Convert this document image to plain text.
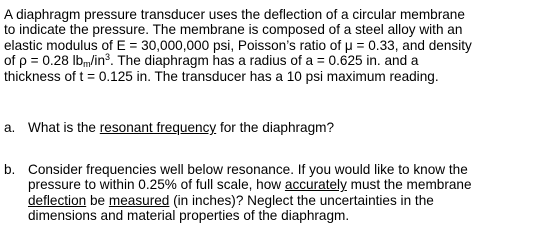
A diaphragm pressure transducer uses the deflection of a circular membrane

to indicate the pressure. The membrane is composed of a steel alloy with an

elastic modulus of E = 30,000,000 psi, Poisson’s ratio of μ = 0.33, and density

of ρ = 0.28 $lb_m/in^3$. The diaphragm has a radius of a = 0.625 in. and a

thickness of t = 0.125 in. The transducer has a 10 psi maximum reading.

a. What is the resonant frequency for the diaphragm?

b. Consider frequencies well below resonance. If you would like to know the

pressure to within 0.25% of full scale, how accurately must the membrane

deflection be measured (in inches)? Neglect the uncertainties in the

dimensions and material properties of the diaphragm.
